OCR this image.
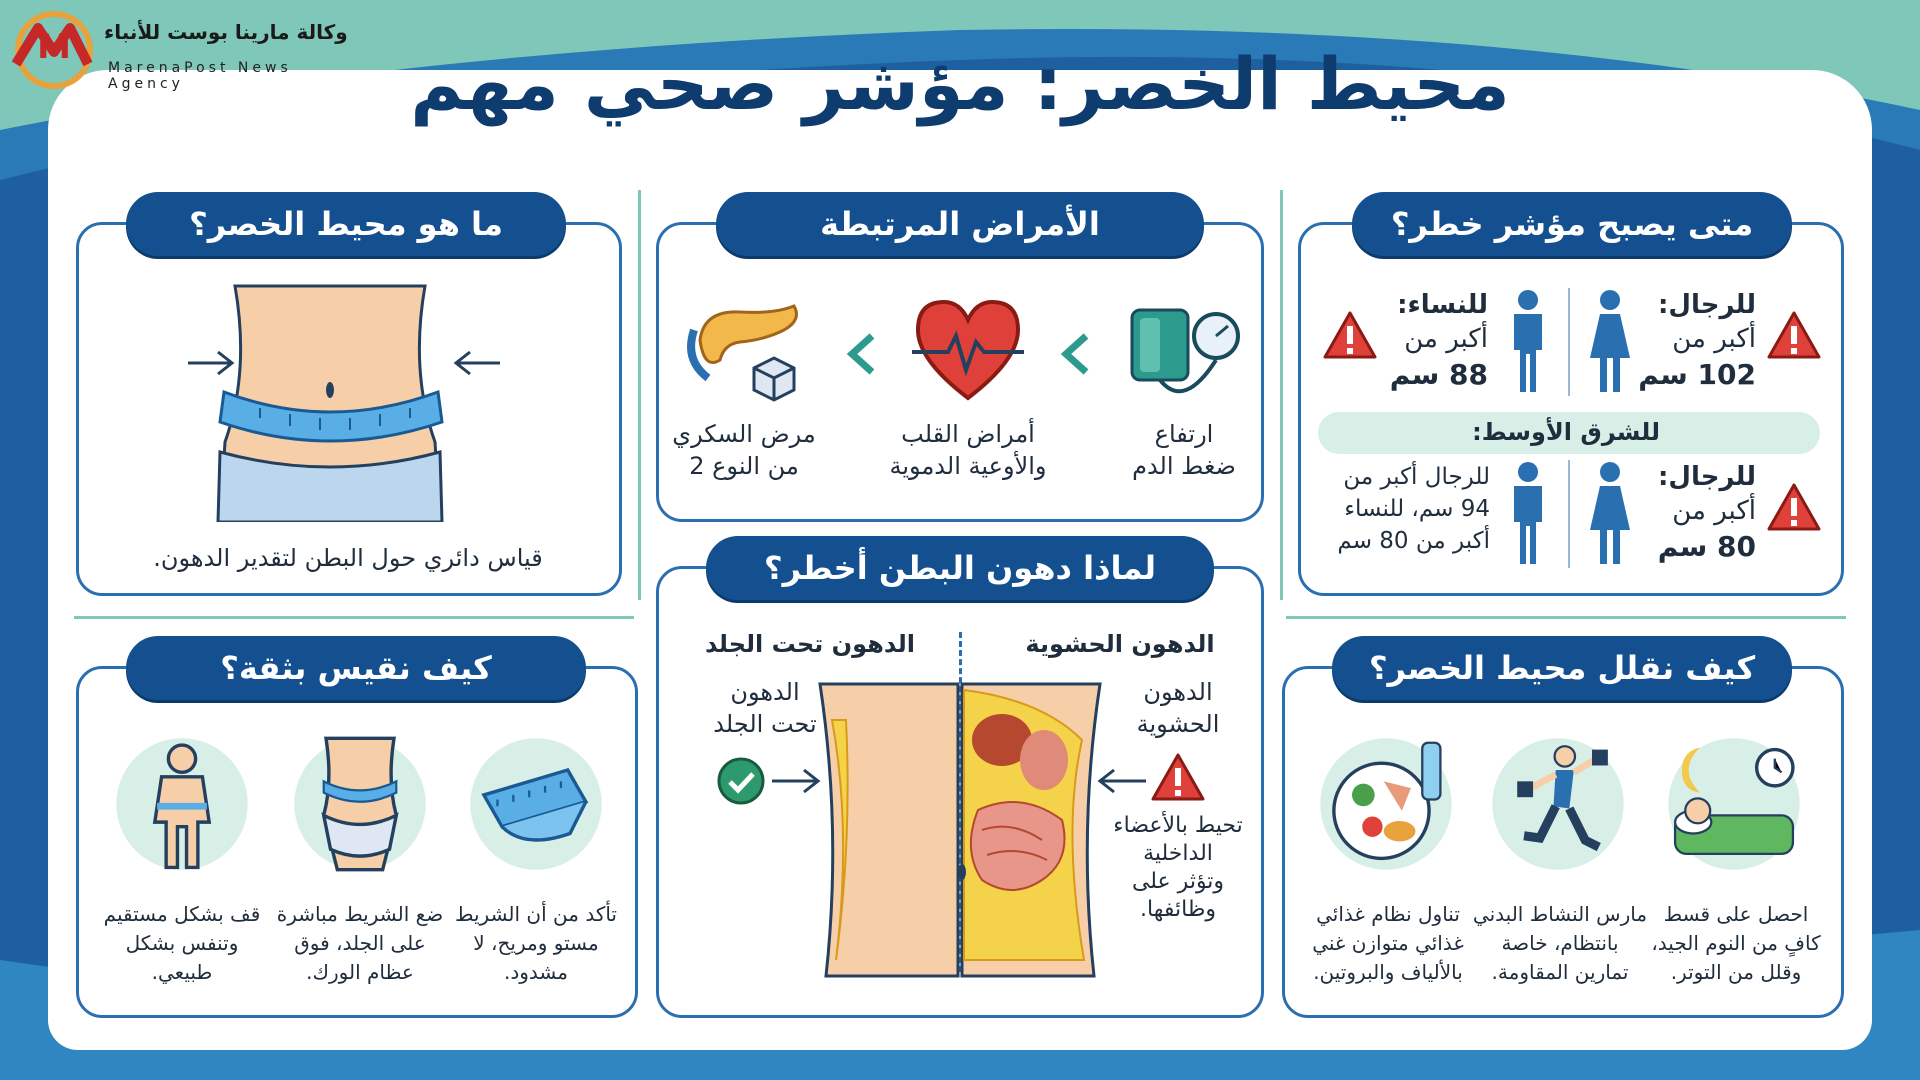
M وكالة مارينا بوست للأنباء
MarenaPost News Agency	محيط الخصر: مؤشر صحي مهم
ما هو محيط الخصر؟
قياس دائري حول البطن لتقدير الدهون.
الأمراض المرتبطة
ارتفاع
ضغط الدم
أمراض القلب
والأوعية الدموية
مرض السكري
من النوع 2
لماذا دهون البطن أخطر؟
الدهون تحت الجلد	الدهون الحشوية
الدهون
تحت الجلد
الدهون
الحشوية
تحيط بالأعضاء
الداخلية
وتؤثر على
وظائفها.
متى يصبح مؤشر خطر؟
للرجال:
أكبر من
102 سم
للنساء:
أكبر من
88 سم
للشرق الأوسط:
للرجال:
أكبر من
80 سم
للرجال أكبر من
94 سم، للنساء
أكبر من 80 سم
كيف نقيس بثقة؟
تأكد من أن الشريط
مستو ومريح، لا
مشدود.
ضع الشريط مباشرة
على الجلد، فوق
عظام الورك.
قف بشكل مستقيم
وتنفس بشكل
طبيعي.
كيف نقلل محيط الخصر؟
تناول نظام غذائي
غذائي متوازن غني
بالألياف والبروتين.
مارس النشاط البدني
بانتظام، خاصة
تمارين المقاومة.
احصل على قسط
كافٍ من النوم الجيد،
وقلل من التوتر.
